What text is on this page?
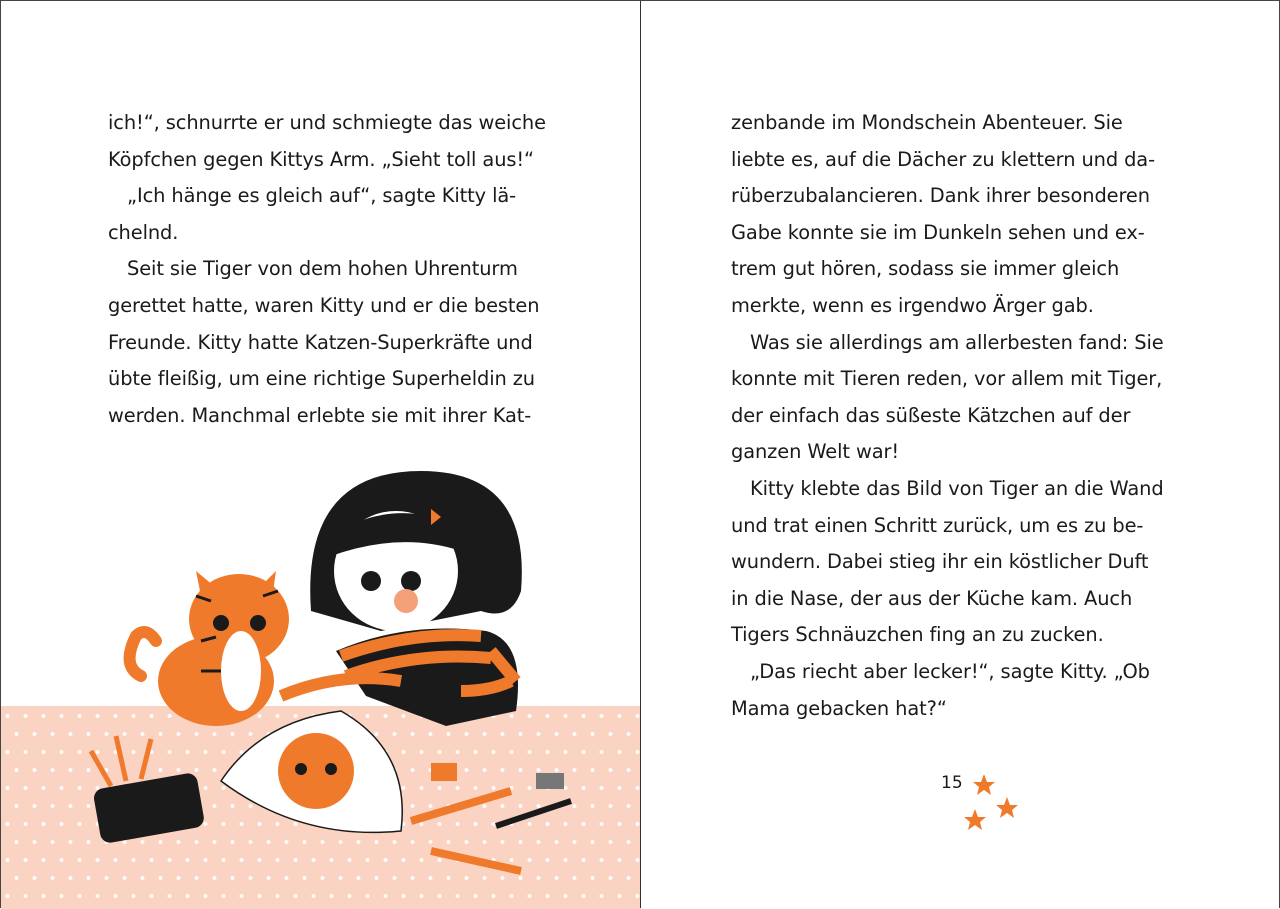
ich!“, schnurrte er und schmiegte das weiche
Köpfchen gegen Kittys Arm. „Sieht toll aus!“
„Ich hänge es gleich auf“, sagte Kitty lä-
chelnd.
Seit sie Tiger von dem hohen Uhrenturm
gerettet hatte, waren Kitty und er die besten
Freunde. Kitty hatte Katzen-Superkräfte und
übte fleißig, um eine richtige Superheldin zu
werden. Manchmal erlebte sie mit ihrer Kat-
zenbande im Mondschein Abenteuer. Sie
liebte es, auf die Dächer zu klettern und da-
rüberzubalancieren. Dank ihrer besonderen
Gabe konnte sie im Dunkeln sehen und ex-
trem gut hören, sodass sie immer gleich
merkte, wenn es irgendwo Ärger gab.
Was sie allerdings am allerbesten fand: Sie
konnte mit Tieren reden, vor allem mit Tiger,
der einfach das süßeste Kätzchen auf der
ganzen Welt war!
Kitty klebte das Bild von Tiger an die Wand
und trat einen Schritt zurück, um es zu be-
wundern. Dabei stieg ihr ein köstlicher Duft
in die Nase, der aus der Küche kam. Auch
Tigers Schnäuzchen fing an zu zucken.
„Das riecht aber lecker!“, sagte Kitty. „Ob
Mama gebacken hat?“
15
